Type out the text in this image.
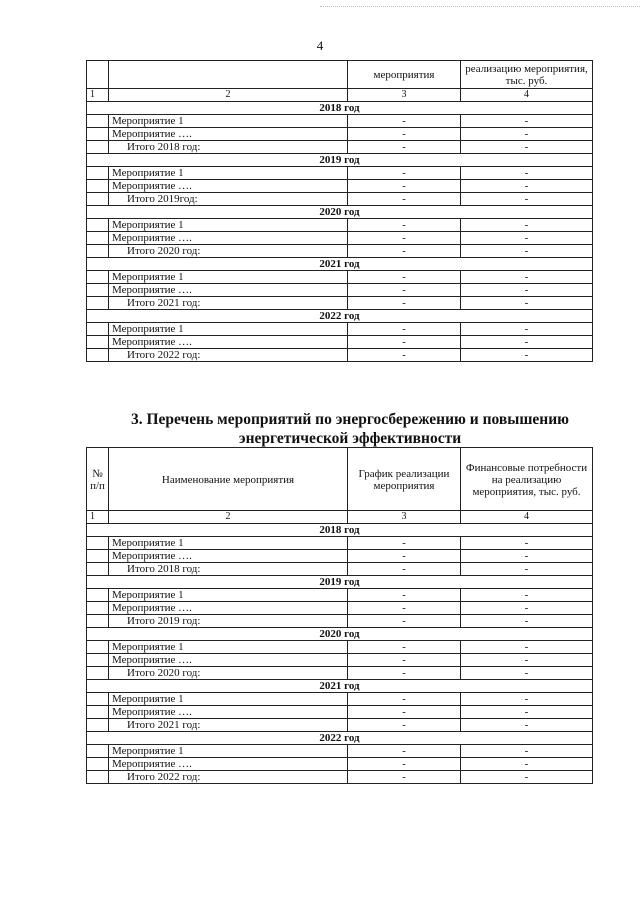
4
		мероприятия	реализацию мероприятия, тыс. руб.
1	2	3	4
2018 год			
	Мероприятие 1	-	-
	Мероприятие ….	-	-
	Итого 2018 год:	-	-
2019 год			
	Мероприятие 1	-	-
	Мероприятие ….	-	-
	Итого 2019год:	-	-
2020 год			
	Мероприятие 1	-	-
	Мероприятие ….	-	-
	Итого 2020 год:	-	-
2021 год			
	Мероприятие 1	-	-
	Мероприятие ….	-	-
	Итого 2021 год:	-	-
2022 год			
	Мероприятие 1	-	-
	Мероприятие ….	-	-
	Итого 2022 год:	-	-
3. Перечень мероприятий по энергосбережению и повышению
энергетической эффективности
№ п/п	Наименование мероприятия	График реализации мероприятия	Финансовые потребности на реализацию мероприятия, тыс. руб.
1	2	3	4
2018 год			
	Мероприятие 1	-	-
	Мероприятие ….	-	-
	Итого 2018 год:	-	-
2019 год			
	Мероприятие 1	-	-
	Мероприятие ….	-	-
	Итого 2019 год:	-	-
2020 год			
	Мероприятие 1	-	-
	Мероприятие ….	-	-
	Итого 2020 год:	-	-
2021 год			
	Мероприятие 1	-	-
	Мероприятие ….	-	-
	Итого 2021 год:	-	-
2022 год			
	Мероприятие 1	-	-
	Мероприятие ….	-	-
	Итого 2022 год:	-	-
